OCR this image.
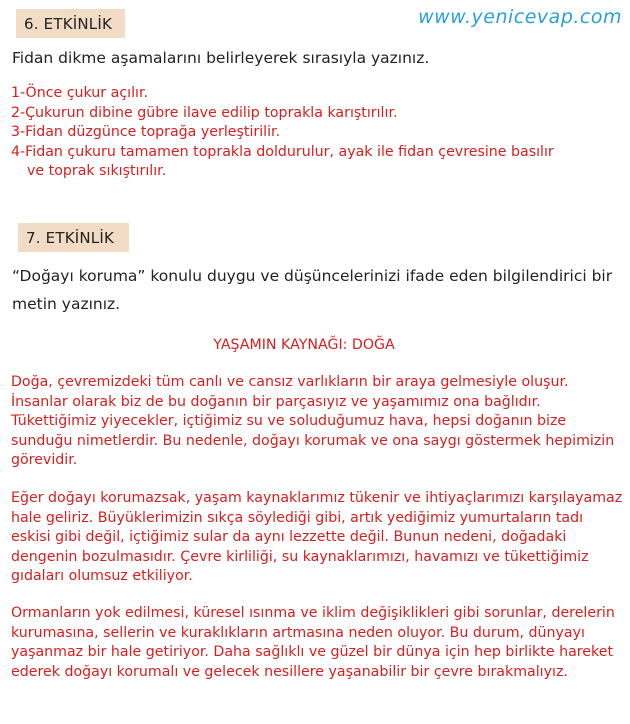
6. ETKİNLİK	www.yenicevap.com
Fidan dikme aşamalarını belirleyerek sırasıyla yazınız.
1-Önce çukur açılır.
2-Çukurun dibine gübre ilave edilip toprakla karıştırılır.
3-Fidan düzgünce toprağa yerleştirilir.
4-Fidan çukuru tamamen toprakla doldurulur, ayak ile fidan çevresine basılır
ve toprak sıkıştırılır.
7. ETKİNLİK
“Doğayı koruma” konulu duygu ve düşüncelerinizi ifade eden bilgilendirici bir metin yazınız.
YAŞAMIN KAYNAĞI: DOĞA
Doğa, çevremizdeki tüm canlı ve cansız varlıkların bir araya gelmesiyle oluşur. İnsanlar olarak biz de bu doğanın bir parçasıyız ve yaşamımız ona bağlıdır. Tükettiğimiz yiyecekler, içtiğimiz su ve soluduğumuz hava, hepsi doğanın bize sunduğu nimetlerdir. Bu nedenle, doğayı korumak ve ona saygı göstermek hepimizin görevidir.
Eğer doğayı korumazsak, yaşam kaynaklarımız tükenir ve ihtiyaçlarımızı karşılayamaz hale geliriz. Büyüklerimizin sıkça söylediği gibi, artık yediğimiz yumurtaların tadı eskisi gibi değil, içtiğimiz sular da aynı lezzette değil. Bunun nedeni, doğadaki dengenin bozulmasıdır. Çevre kirliliği, su kaynaklarımızı, havamızı ve tükettiğimiz gıdaları olumsuz etkiliyor.
Ormanların yok edilmesi, küresel ısınma ve iklim değişiklikleri gibi sorunlar, derelerin kurumasına, sellerin ve kuraklıkların artmasına neden oluyor. Bu durum, dünyayı yaşanmaz bir hale getiriyor. Daha sağlıklı ve güzel bir dünya için hep birlikte hareket ederek doğayı korumalı ve gelecek nesillere yaşanabilir bir çevre bırakmalıyız.
